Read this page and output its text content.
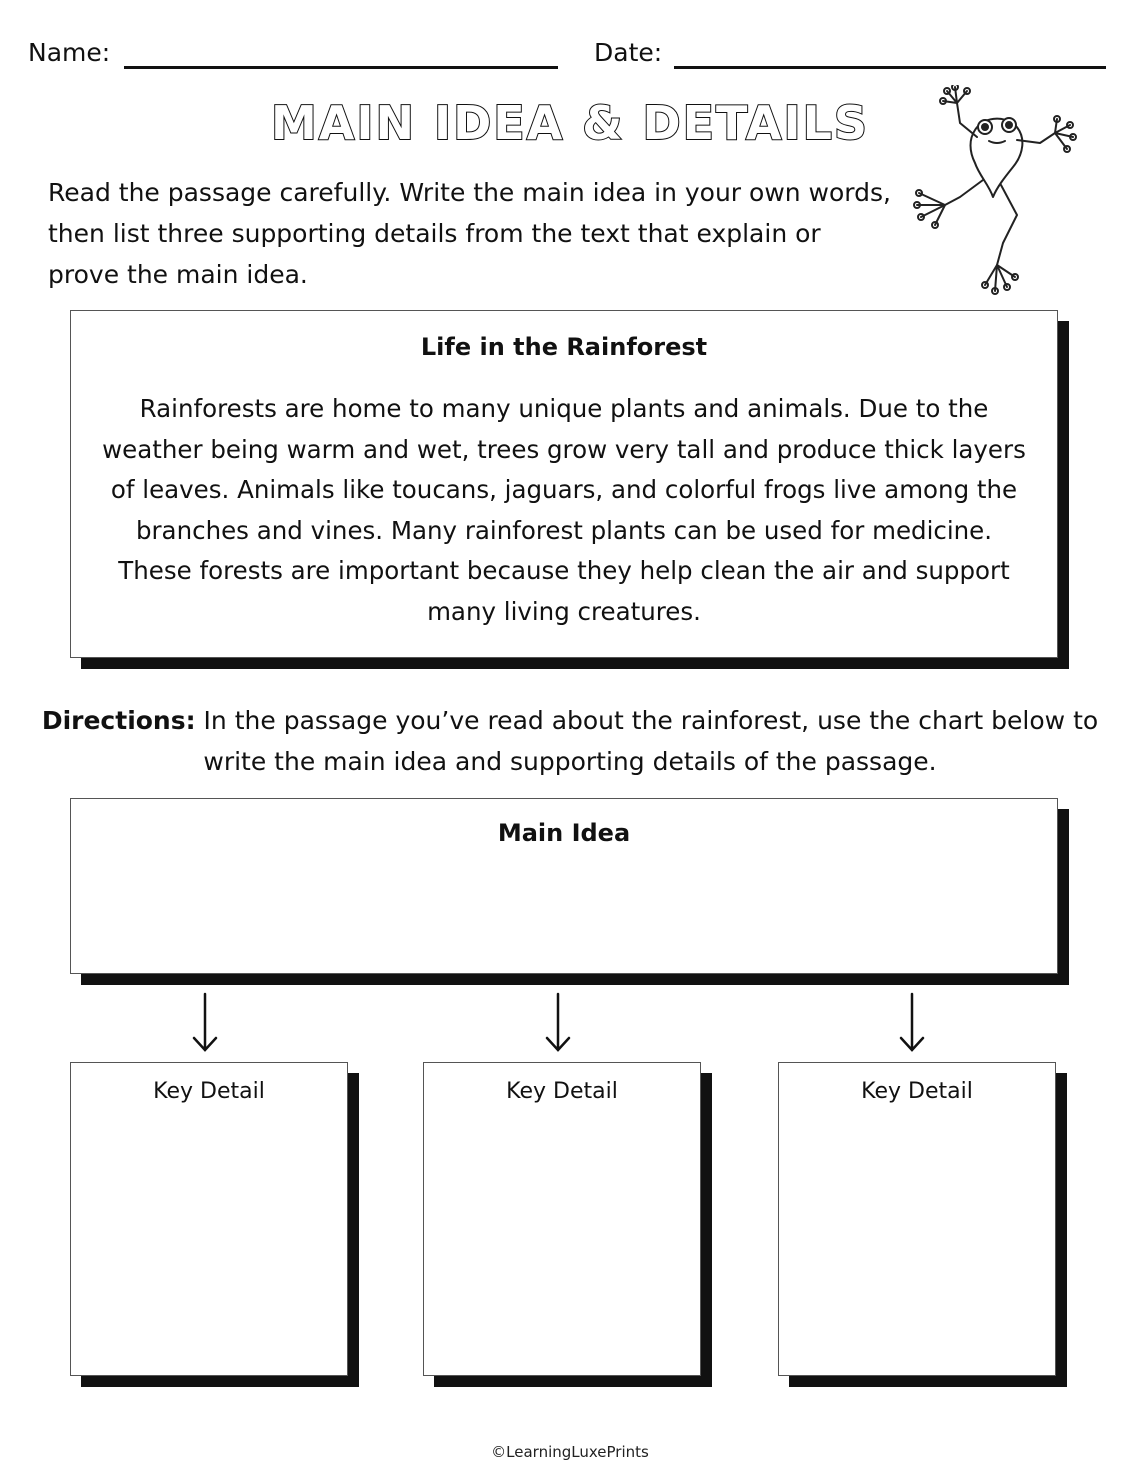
Name:	Date:
MAIN IDEA & DETAILS
Read the passage carefully. Write the main idea in your own words, then list three supporting details from the text that explain or prove the main idea.
Life in the Rainforest
Rainforests are home to many unique plants and animals. Due to the weather being warm and wet, trees grow very tall and produce thick layers of leaves. Animals like toucans, jaguars, and colorful frogs live among the branches and vines. Many rainforest plants can be used for medicine. These forests are important because they help clean the air and support many living creatures.
Directions: In the passage you’ve read about the rainforest, use the chart below to write the main idea and supporting details of the passage.
Main Idea
Key Detail	Key Detail	Key Detail
©LearningLuxePrints
